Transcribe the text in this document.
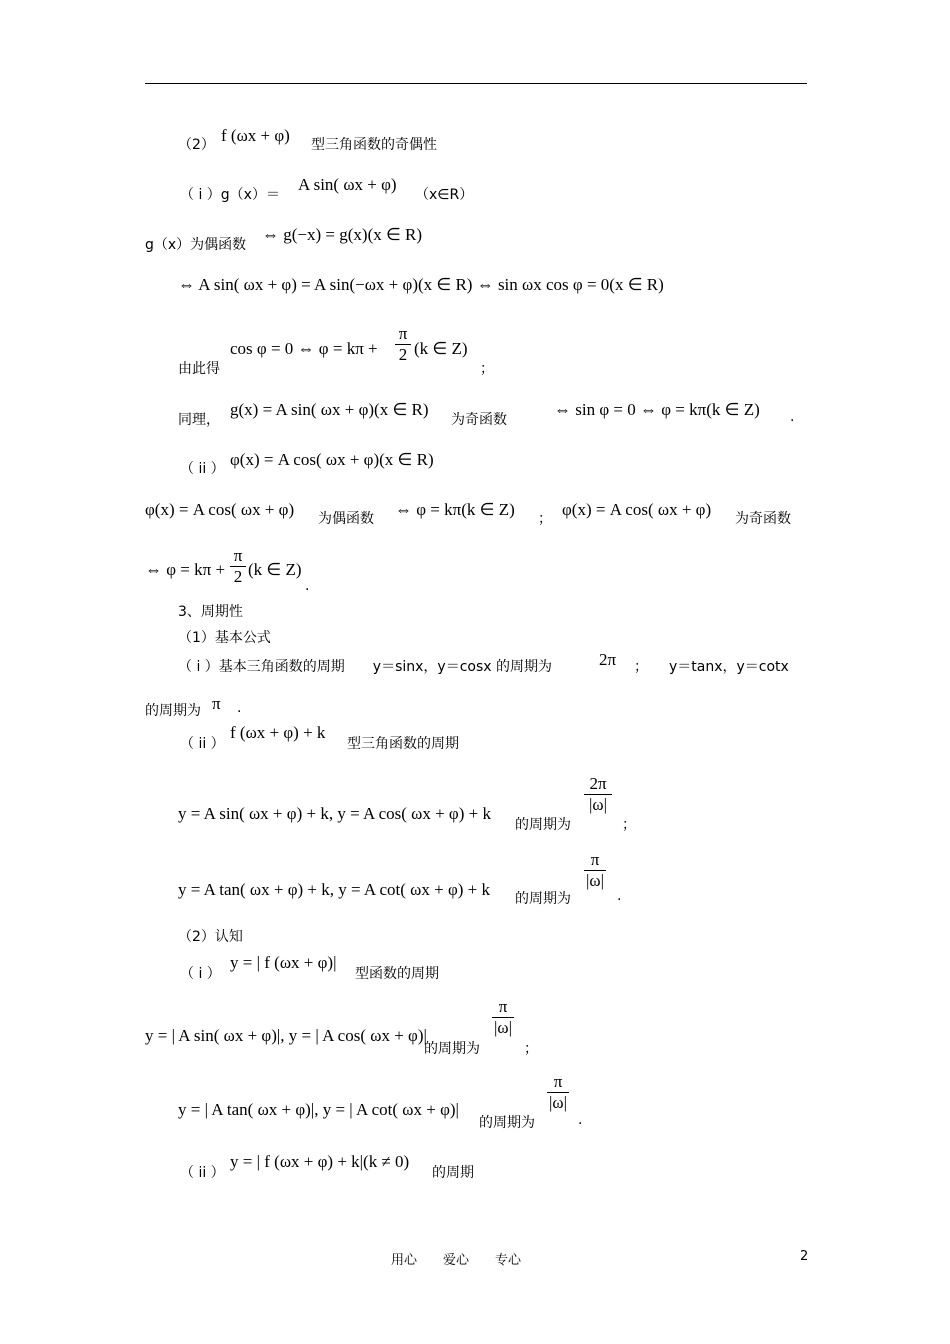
（2） f (ωx + φ) 型三角函数的奇偶性
（ i ）g（x）＝
A sin( ωx + φ)
（x∈R）
g（x）为偶函数
⇔ g(−x) = g(x)(x ∈ R)
⇔ A sin( ωx + φ) = A sin(−ωx + φ)(x ∈ R) ⇔ sin ωx cos φ = 0(x ∈ R)
由此得
cos φ = 0 ⇔ φ = kπ +
π
2 (k ∈ Z)
；
同理，
g(x) = A sin( ωx + φ)(x ∈ R)
为奇函数
⇔ sin φ = 0 ⇔ φ = kπ(k ∈ Z) .
（ ii ） φ(x) = A cos( ωx + φ)(x ∈ R)
φ(x) = A cos( ωx + φ) 为偶函数 ⇔ φ = kπ(k ∈ Z) ； φ(x) = A cos( ωx + φ) 为奇函数
⇔ φ = kπ +
π
2 (k ∈ Z)
.
3、周期性
（1）基本公式
（ i ）基本三角函数的周期　　y＝sinx，y＝cosx 的周期为	2π ；　　y＝tanx，y＝cotx
的周期为 π .
（ ii ）
f (ωx + φ) + k
型三角函数的周期
y = A sin( ωx + φ) + k, y = A cos( ωx + φ) + k
的周期为
2π
|ω|
；
y = A tan( ωx + φ) + k, y = A cot( ωx + φ) + k 的周期为
π
|ω|
.
（2）认知
（ i ）
y = | f (ωx + φ)|
型函数的周期
y = | A sin( ωx + φ)|, y = | A cos( ωx + φ)|
的周期为
π
|ω|
；
y = | A tan( ωx + φ)|, y = | A cot( ωx + φ)|
的周期为
π
|ω|
.
（ ii ）
y = | f (ωx + φ) + k|(k ≠ 0)
的周期
用心　　爱心　　专心	2
